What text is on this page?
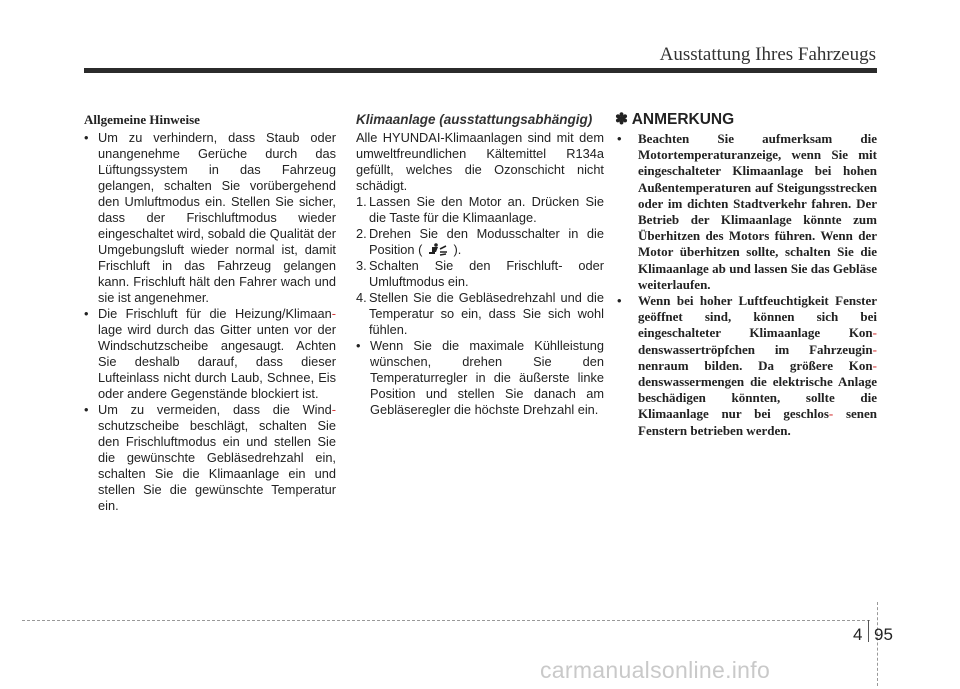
Ausstattung Ihres Fahrzeugs
Allgemeine Hinweise
• Um zu verhindern, dass Staub oder unangenehme Gerüche durch das Lüftungssystem in das Fahrzeug gelangen, schalten Sie vorübergehend den Umluftmodus ein. Stellen Sie sicher, dass der Frischluftmodus wieder eingeschaltet wird, sobald die Qualität der Umgebungsluft wieder normal ist, damit Frischluft in das Fahrzeug gelangen kann. Frischluft hält den Fahrer wach und sie ist angenehmer.
• Die Frischluft für die Heizung/Klimaan- lage wird durch das Gitter unten vor der Windschutzscheibe angesaugt. Achten Sie deshalb darauf, dass dieser Lufteinlass nicht durch Laub, Schnee, Eis oder andere Gegenstände blockiert ist.
• Um zu vermeiden, dass die Wind- schutzscheibe beschlägt, schalten Sie den Frischluftmodus ein und stellen Sie die gewünschte Gebläsedrehzahl ein, schalten Sie die Klimaanlage ein und stellen Sie die gewünschte Temperatur ein.
Klimaanlage (ausstattungsabhängig)
Alle HYUNDAI-Klimaanlagen sind mit dem umweltfreundlichen Kältemittel R134a gefüllt, welches die Ozonschicht nicht schädigt.
1. Lassen Sie den Motor an. Drücken Sie die Taste für die Klimaanlage.
2. Drehen Sie den Modusschalter in die Position ( ).
3. Schalten Sie den Frischluft- oder Umluftmodus ein.
4. Stellen Sie die Gebläsedrehzahl und die Temperatur so ein, dass Sie sich wohl fühlen.
• Wenn Sie die maximale Kühlleistung wünschen, drehen Sie den Temperaturregler in die äußerste linke Position und stellen Sie danach am Gebläseregler die höchste Drehzahl ein.
✽ ANMERKUNG
• Beachten Sie aufmerksam die Motortemperaturanzeige, wenn Sie mit eingeschalteter Klimaanlage bei hohen Außentemperaturen auf Steigungsstrecken oder im dichten Stadtverkehr fahren. Der Betrieb der Klimaanlage könnte zum Überhitzen des Motors führen. Wenn der Motor überhitzen sollte, schalten Sie die Klimaanlage ab und lassen Sie das Gebläse weiterlaufen.
• Wenn bei hoher Luftfeuchtigkeit Fenster geöffnet sind, können sich bei eingeschalteter Klimaanlage Kon- denswassertröpfchen im Fahrzeugin- nenraum bilden. Da größere Kon- denswassermengen die elektrische Anlage beschädigen könnten, sollte die Klimaanlage nur bei geschlos- senen Fenstern betrieben werden.
4 95
carmanualsonline.info
